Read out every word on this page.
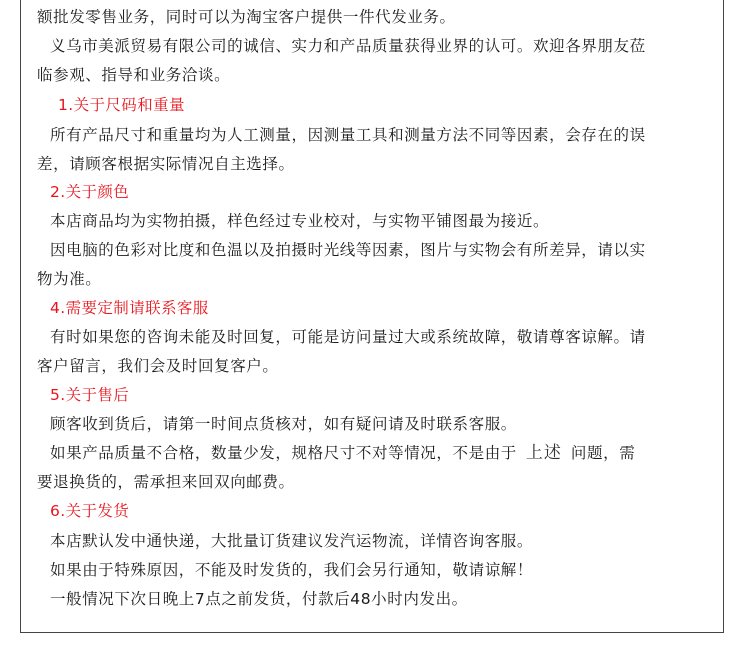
额批发零售业务，同时可以为淘宝客户提供一件代发业务。
义乌市美派贸易有限公司的诚信、实力和产品质量获得业界的认可。欢迎各界朋友莅
临参观、指导和业务洽谈。
1.关于尺码和重量
所有产品尺寸和重量均为人工测量，因测量工具和测量方法不同等因素，会存在的误
差，请顾客根据实际情况自主选择。
2.关于颜色
本店商品均为实物拍摄，样色经过专业校对，与实物平铺图最为接近。
因电脑的色彩对比度和色温以及拍摄时光线等因素，图片与实物会有所差异，请以实
物为准。
4.需要定制请联系客服
有时如果您的咨询未能及时回复，可能是访问量过大或系统故障，敬请尊客谅解。请
客户留言，我们会及时回复客户。
5.关于售后
顾客收到货后，请第一时间点货核对，如有疑问请及时联系客服。
如果产品质量不合格，数量少发，规格尺寸不对等情况，不是由于 上述 问题，需
要退换货的，需承担来回双向邮费。
6.关于发货
本店默认发中通快递，大批量订货建议发汽运物流，详情咨询客服。
如果由于特殊原因，不能及时发货的，我们会另行通知，敬请谅解！
一般情况下次日晚上7点之前发货，付款后48小时内发出。
